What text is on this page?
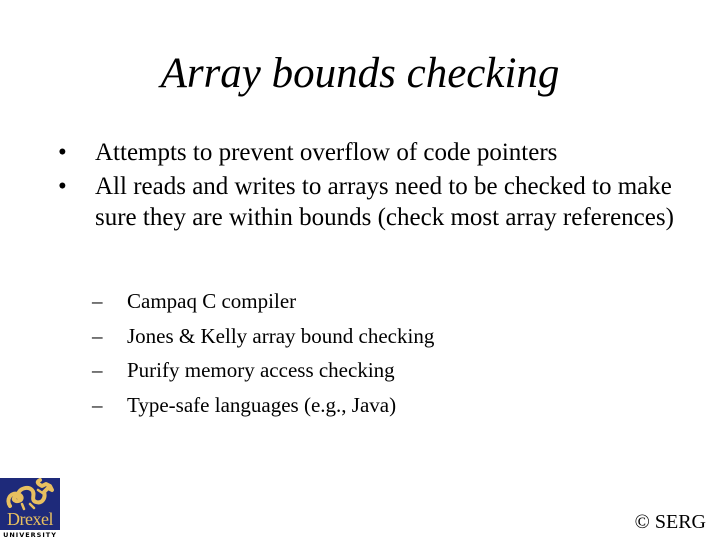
Array bounds checking
•	Attempts to prevent overflow of code pointers
•	All reads and writes to arrays need to be checked to make sure they are within bounds (check most array references)
– Campaq C compiler
– Jones & Kelly array bound checking
– Purify memory access checking
– Type-safe languages (e.g., Java)
Drexel
UNIVERSITY
© SERG
